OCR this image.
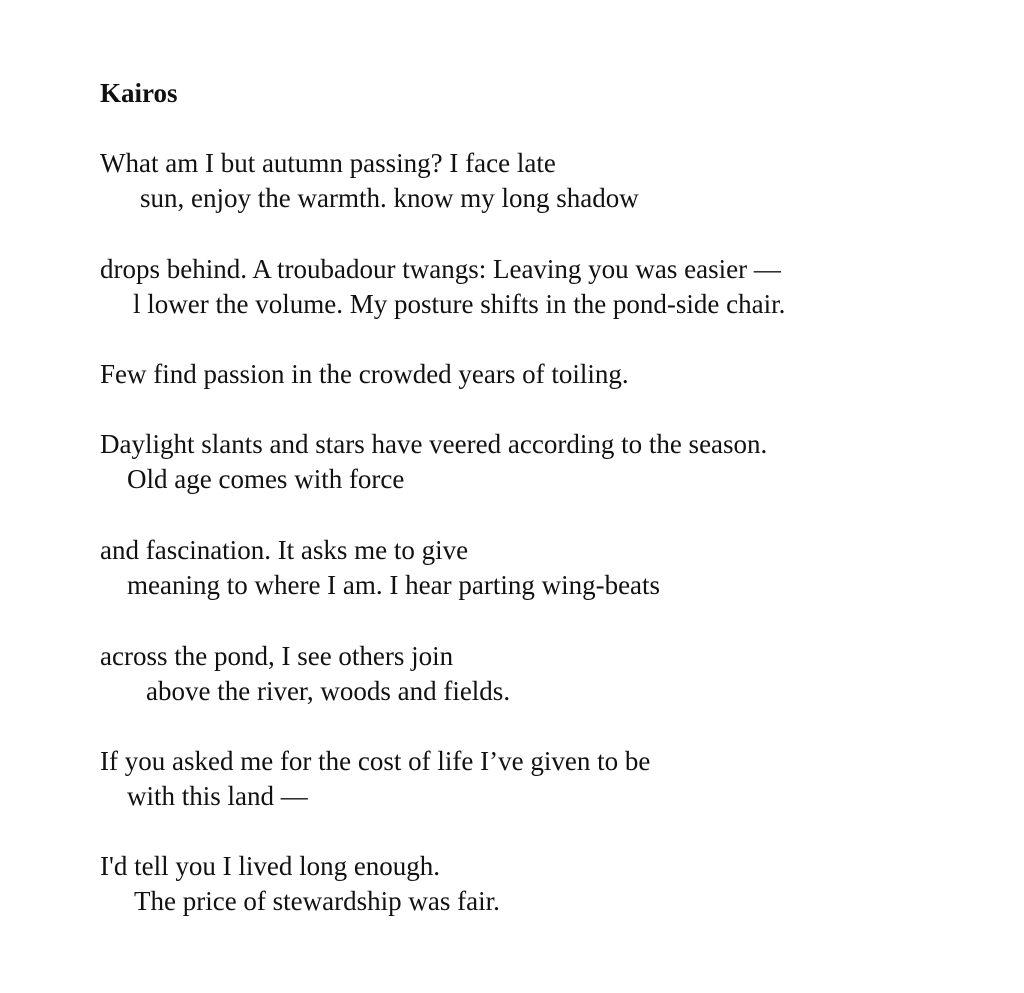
Kairos
What am I but autumn passing? I face late
sun, enjoy the warmth. know my long shadow
drops behind. A troubadour twangs: Leaving you was easier —
l lower the volume. My posture shifts in the pond-side chair.
Few find passion in the crowded years of toiling.
Daylight slants and stars have veered according to the season.
Old age comes with force
and fascination. It asks me to give
meaning to where I am. I hear parting wing-beats
across the pond, I see others join
above the river, woods and fields.
If you asked me for the cost of life I’ve given to be
with this land —
I'd tell you I lived long enough.
The price of stewardship was fair.
